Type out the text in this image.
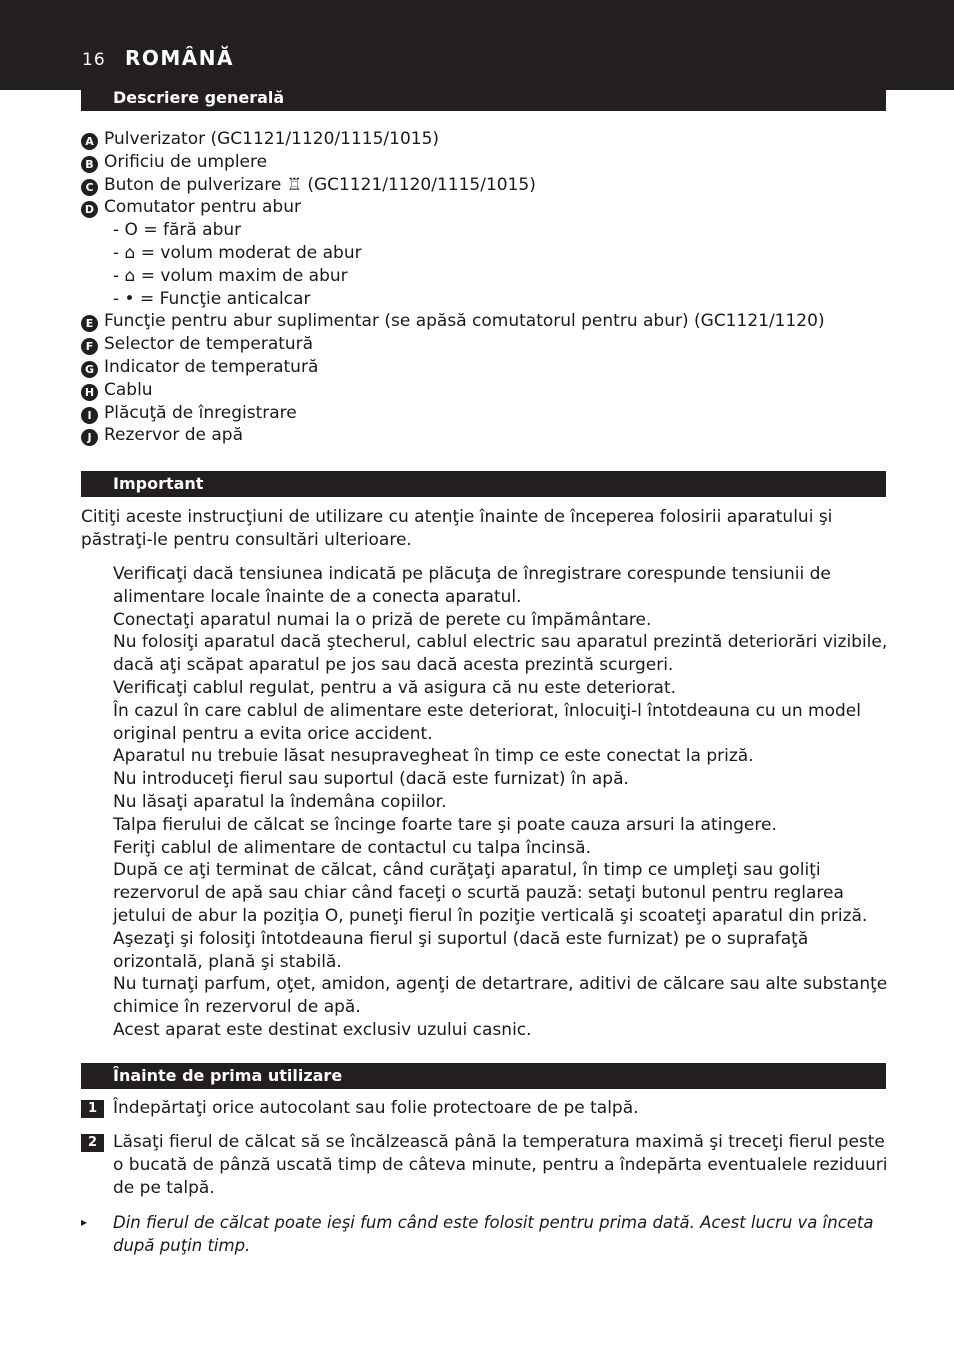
16 ROMÂNĂ
Descriere generală
A Pulverizator (GC1121/1120/1115/1015)
B Orificiu de umplere
C Buton de pulverizare ♖ (GC1121/1120/1115/1015)
D Comutator pentru abur
- O = fără abur
- ⌂ = volum moderat de abur
- ⌂ = volum maxim de abur
- • = Funcţie anticalcar
E Funcţie pentru abur suplimentar (se apăsă comutatorul pentru abur) (GC1121/1120)
F Selector de temperatură
G Indicator de temperatură
H Cablu
I Plăcuţă de înregistrare
J Rezervor de apă
Important
Citiţi aceste instrucţiuni de utilizare cu atenţie înainte de începerea folosirii aparatului şi păstraţi-le pentru consultări ulterioare.

Verificaţi dacă tensiunea indicată pe plăcuţa de înregistrare corespunde tensiunii de alimentare locale înainte de a conecta aparatul.

Conectaţi aparatul numai la o priză de perete cu împământare.

Nu folosiţi aparatul dacă ştecherul, cablul electric sau aparatul prezintă deteriorări vizibile, dacă aţi scăpat aparatul pe jos sau dacă acesta prezintă scurgeri.

Verificaţi cablul regulat, pentru a vă asigura că nu este deteriorat.

În cazul în care cablul de alimentare este deteriorat, înlocuiţi-l întotdeauna cu un model original pentru a evita orice accident.

Aparatul nu trebuie lăsat nesupravegheat în timp ce este conectat la priză.

Nu introduceţi fierul sau suportul (dacă este furnizat) în apă.

Nu lăsaţi aparatul la îndemâna copiilor.

Talpa fierului de călcat se încinge foarte tare şi poate cauza arsuri la atingere.

Feriţi cablul de alimentare de contactul cu talpa încinsă.

După ce aţi terminat de călcat, când curăţaţi aparatul, în timp ce umpleţi sau goliţi rezervorul de apă sau chiar când faceţi o scurtă pauză: setaţi butonul pentru reglarea jetului de abur la poziţia O, puneţi fierul în poziţie verticală şi scoateţi aparatul din priză.

Aşezaţi şi folosiţi întotdeauna fierul şi suportul (dacă este furnizat) pe o suprafaţă orizontală, plană şi stabilă.

Nu turnaţi parfum, oţet, amidon, agenţi de detartrare, aditivi de călcare sau alte substanţe chimice în rezervorul de apă.

Acest aparat este destinat exclusiv uzului casnic.

Înainte de prima utilizare
1 Îndepărtaţi orice autocolant sau folie protectoare de pe talpă.
2 Lăsaţi fierul de călcat să se încălzească până la temperatura maximă şi treceţi fierul peste o bucată de pânză uscată timp de câteva minute, pentru a îndepărta eventualele reziduuri de pe talpă.
▸ Din fierul de călcat poate ieşi fum când este folosit pentru prima dată. Acest lucru va înceta după puţin timp.
